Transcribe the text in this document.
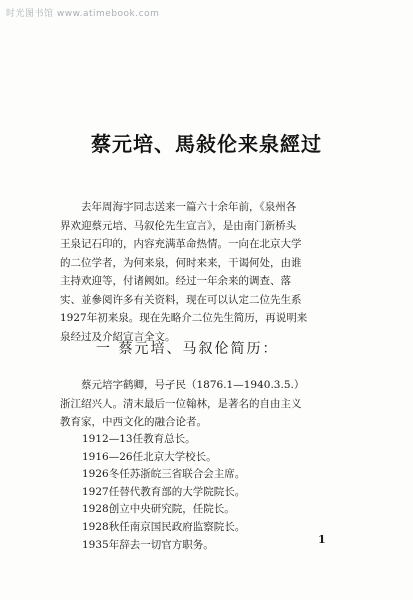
时光图书馆 www.atimebook.com
蔡元培、馬敍伦来泉經过
去年周海宇同志送来一篇六十余年前，《泉州各
界欢迎蔡元培、马叙伦先生宣言》，是由南门新桥头
王泉记石印的，内容充满革命热情。一向在北京大学
的二位学者，为何来泉，何时来来，干谒何处，由谁
主持欢迎等，付诸阙如。经过一年余来的调查、落
实、並參阅许多有关资料，现在可以认定二位先生系
1927年初来泉。现在先略介二位先生简历，再说明来
泉经过及介紹宣言全文。
一 蔡元培、马叙伦简历：
蔡元培字鹤卿，号孑民（1876.1—1940.3.5.）
浙江绍兴人。清末最后一位翰林，是著名的自由主义
教育家，中西文化的融合论者。
1912—13任教育总长。
1916—26任北京大学校长。
1926冬任苏浙皖三省联合会主席。
1927任替代教育部的大学院院长。
1928创立中央研究院，任院长。
1928秋任南京国民政府监察院长。
1935年辞去一切官方职务。	1
